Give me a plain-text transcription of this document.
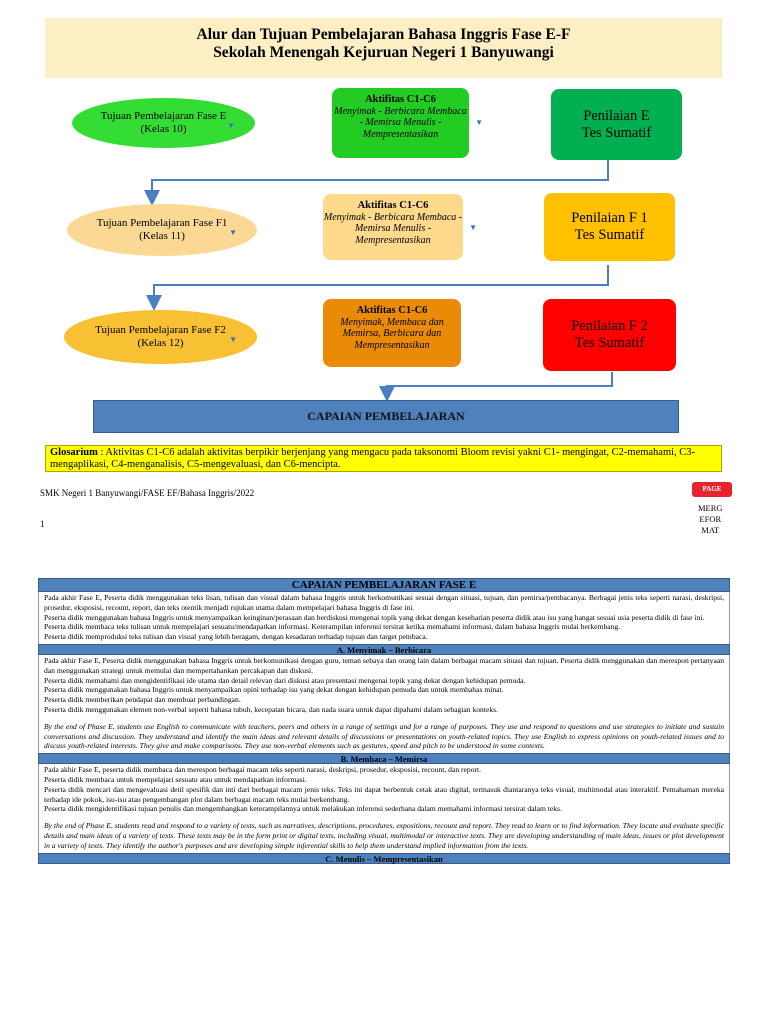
Alur dan Tujuan Pembelajaran Bahasa Inggris Fase E-F
Sekolah Menengah Kejuruan Negeri 1 Banyuwangi
Tujuan Pembelajaran Fase E
(Kelas 10)	▼
Aktifitas C1-C6
Menyimak - Berbicara Membaca - Memirsa Menulis - Mempresentasikan
▼	Penilaian E
Tes Sumatif
Tujuan Pembelajaran Fase F1
(Kelas 11)	▼
Aktifitas C1-C6
Menyimak - Berbicara Membaca - Memirsa Menulis - Mempresentasikan
▼
Penilaian F 1
Tes Sumatif
Tujuan Pembelajaran Fase F2
(Kelas 12)	▼
Aktifitas C1-C6
Menyimak, Membaca dan Memirsa, Berbicara dan Mempresentasikan
Penilaian F 2
Tes Sumatif
CAPAIAN PEMBELAJARAN
Glosarium : Aktivitas C1-C6 adalah aktivitas berpikir berjenjang yang mengacu pada taksonomi Bloom revisi yakni C1- mengingat, C2-memahami, C3-mengaplikasi, C4-menganalisis, C5-mengevaluasi, dan C6-mencipta.
SMK Negeri 1 Banyuwangi/FASE EF/Bahasa Inggris/2022
1
PAGE
MERG
EFOR
MAT
CAPAIAN PEMBELAJARAN FASE E

Pada akhir Fase E, Peserta didik menggunakan teks lisan, tulisan dan visual dalam bahasa Inggris untuk berkomunikasi sesuai dengan situasi, tujuan, dan pemirsa/pembacanya. Berbagai jenis teks seperti narasi, deskripsi, prosedur, eksposisi, recount, report, dan teks otentik menjadi rujukan utama dalam mempelajari bahasa Inggris di fase ini.

Peserta didik menggunakan bahasa Inggris untuk menyampaikan keinginan/perasaan dan berdiskusi mengenai topik yang dekat dengan keseharian peserta didik atau isu yang hangat sesuai usia peserta didik di fase ini.

Peserta didik membaca teks tulisan untuk mempelajari sesuatu/mendapatkan informasi. Keterampilan inferensi tersirat ketika memahami informasi, dalam bahasa Inggris mulai berkembang.

Peserta didik memproduksi teks tulisan dan visual yang lebih beragam, dengan kesadaran terhadap tujuan dan target pembaca.

A. Menyimak – Berbicara

Pada akhir Fase E, Peserta didik menggunakan bahasa Inggris untuk berkomunikasi dengan guru, teman sebaya dan orang lain dalam berbagai macam situasi dan tujuan. Peserta didik menggunakan dan merespon pertanyaan dan menggunakan strategi untuk memulai dan mempertahankan percakapan dan diskusi.

Peserta didik memahami dan mengidentifikasi ide utama dan detail relevan dari diskusi atau presentasi mengenai topik yang dekat dengan kehidupan pemuda.

Peserta didik menggunakan bahasa Inggris untuk menyampaikan opini terhadap isu yang dekat dengan kehidupan pemuda dan untuk membahas minat.

Peserta didik memberikan pendapat dan membuat perbandingan.

Peserta didik menggunakan elemen non-verbal seperti bahasa tubuh, kecepatan bicara, dan nada suara untuk dapat dipahami dalam sebagian konteks.

By the end of Phase E, students use English to communicate with teachers, peers and others in a range of settings and for a range of purposes. They use and respond to questions and use strategies to initiate and sustain conversations and discussion. They understand and identify the main ideas and relevant details of discussions or presentations on youth-related topics. They use English to express opinions on youth-related issues and to discuss youth-related interests. They give and make comparisons. They use non-verbal elements such as gestures, speed and pitch to be understood in some contexts.

B. Membaca – Memirsa

Pada akhir Fase E, peserta didik membaca dan merespon berbagai macam teks seperti narasi, deskripsi, prosedur, eksposisi, recount, dan report.

Peserta didik membaca untuk mempelajari sesuatu atau untuk mendapatkan informasi.

Peserta didik mencari dan mengevaluasi detil spesifik dan inti dari berbagai macam jenis teks. Teks ini dapat berbentuk cetak atau digital, termasuk diantaranya teks visual, multimodal atau interaktif. Pemahaman mereka terhadap ide pokok, isu-isu atau pengembangan plot dalam berbagai macam teks mulai berkembang.

Peserta didik mengidentifikasi tujuan penulis dan mengembangkan keterampilannya untuk melakukan inferensi sederhana dalam memahami informasi tersirat dalam teks.

By the end of Phase E, students read and respond to a variety of texts, such as narratives, descriptions, procedures, expositions, recount and report. They read to learn or to find information. They locate and evaluate specific details and main ideas of a variety of texts. These texts may be in the form print or digital texts, including visual, multimodal or interactive texts. They are developing understanding of main ideas, issues or plot development in a variety of texts. They identify the author's purposes and are developing simple inferential skills to help them understand implied information from the texts.

C. Menulis – Mempresentasikan
